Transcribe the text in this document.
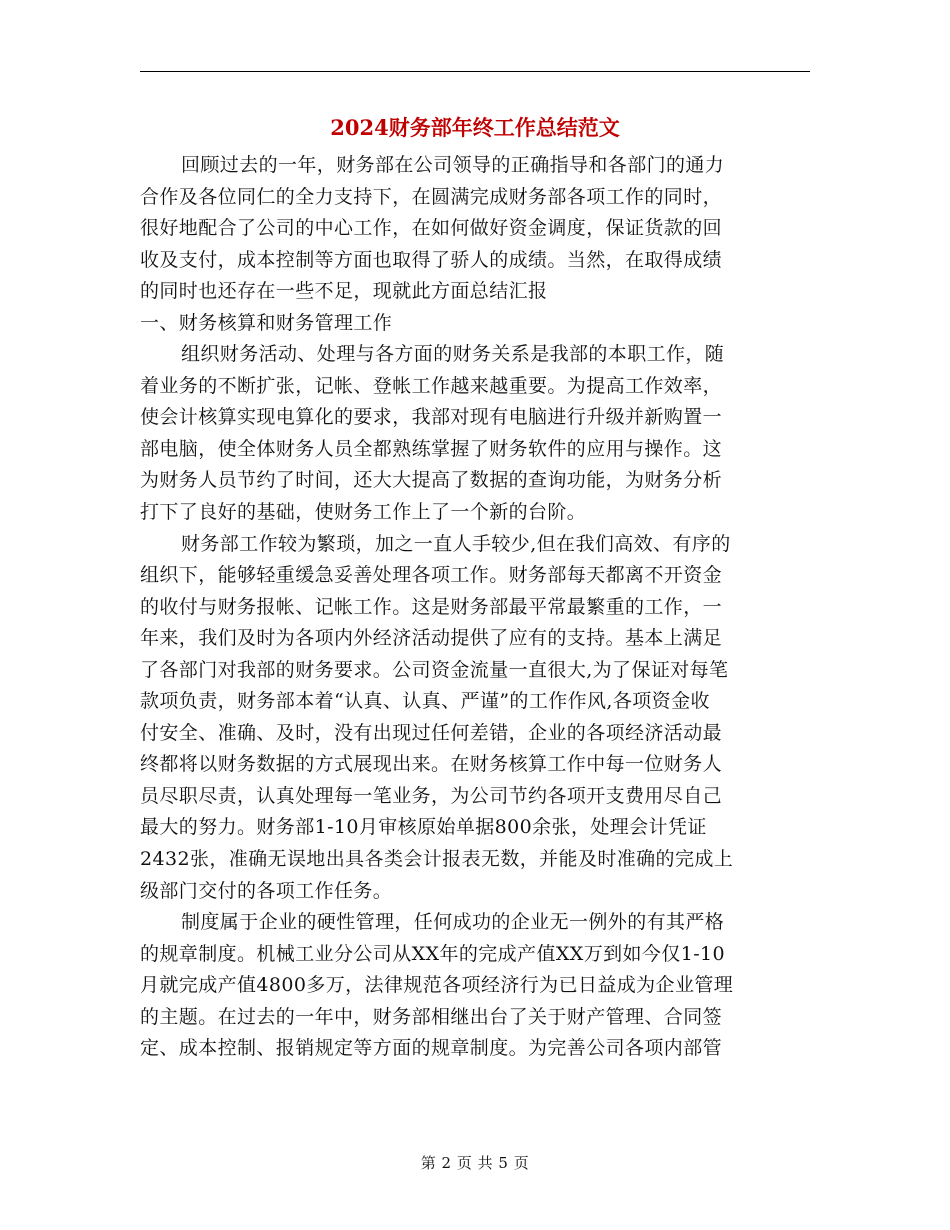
2024财务部年终工作总结范文
回顾过去的一年，财务部在公司领导的正确指导和各部门的通力
合作及各位同仁的全力支持下，在圆满完成财务部各项工作的同时，
很好地配合了公司的中心工作，在如何做好资金调度，保证货款的回
收及支付，成本控制等方面也取得了骄人的成绩。当然，在取得成绩
的同时也还存在一些不足，现就此方面总结汇报
一、财务核算和财务管理工作
组织财务活动、处理与各方面的财务关系是我部的本职工作，随
着业务的不断扩张，记帐、登帐工作越来越重要。为提高工作效率，
使会计核算实现电算化的要求，我部对现有电脑进行升级并新购置一
部电脑，使全体财务人员全都熟练掌握了财务软件的应用与操作。这
为财务人员节约了时间，还大大提高了数据的查询功能，为财务分析
打下了良好的基础，使财务工作上了一个新的台阶。
财务部工作较为繁琐，加之一直人手较少,但在我们高效、有序的
组织下，能够轻重缓急妥善处理各项工作。财务部每天都离不开资金
的收付与财务报帐、记帐工作。这是财务部最平常最繁重的工作，一
年来，我们及时为各项内外经济活动提供了应有的支持。基本上满足
了各部门对我部的财务要求。公司资金流量一直很大,为了保证对每笔
款项负责，财务部本着“认真、认真、严谨”的工作作风,各项资金收
付安全、准确、及时，没有出现过任何差错，企业的各项经济活动最
终都将以财务数据的方式展现出来。在财务核算工作中每一位财务人
员尽职尽责，认真处理每一笔业务，为公司节约各项开支费用尽自己
最大的努力。财务部1-10月审核原始单据800余张，处理会计凭证
2432张，准确无误地出具各类会计报表无数，并能及时准确的完成上
级部门交付的各项工作任务。
制度属于企业的硬性管理，任何成功的企业无一例外的有其严格
的规章制度。机械工业分公司从XX年的完成产值XX万到如今仅1-10
月就完成产值4800多万，法律规范各项经济行为已日益成为企业管理
的主题。在过去的一年中，财务部相继出台了关于财产管理、合同签
定、成本控制、报销规定等方面的规章制度。为完善公司各项内部管
第 2 页 共 5 页
